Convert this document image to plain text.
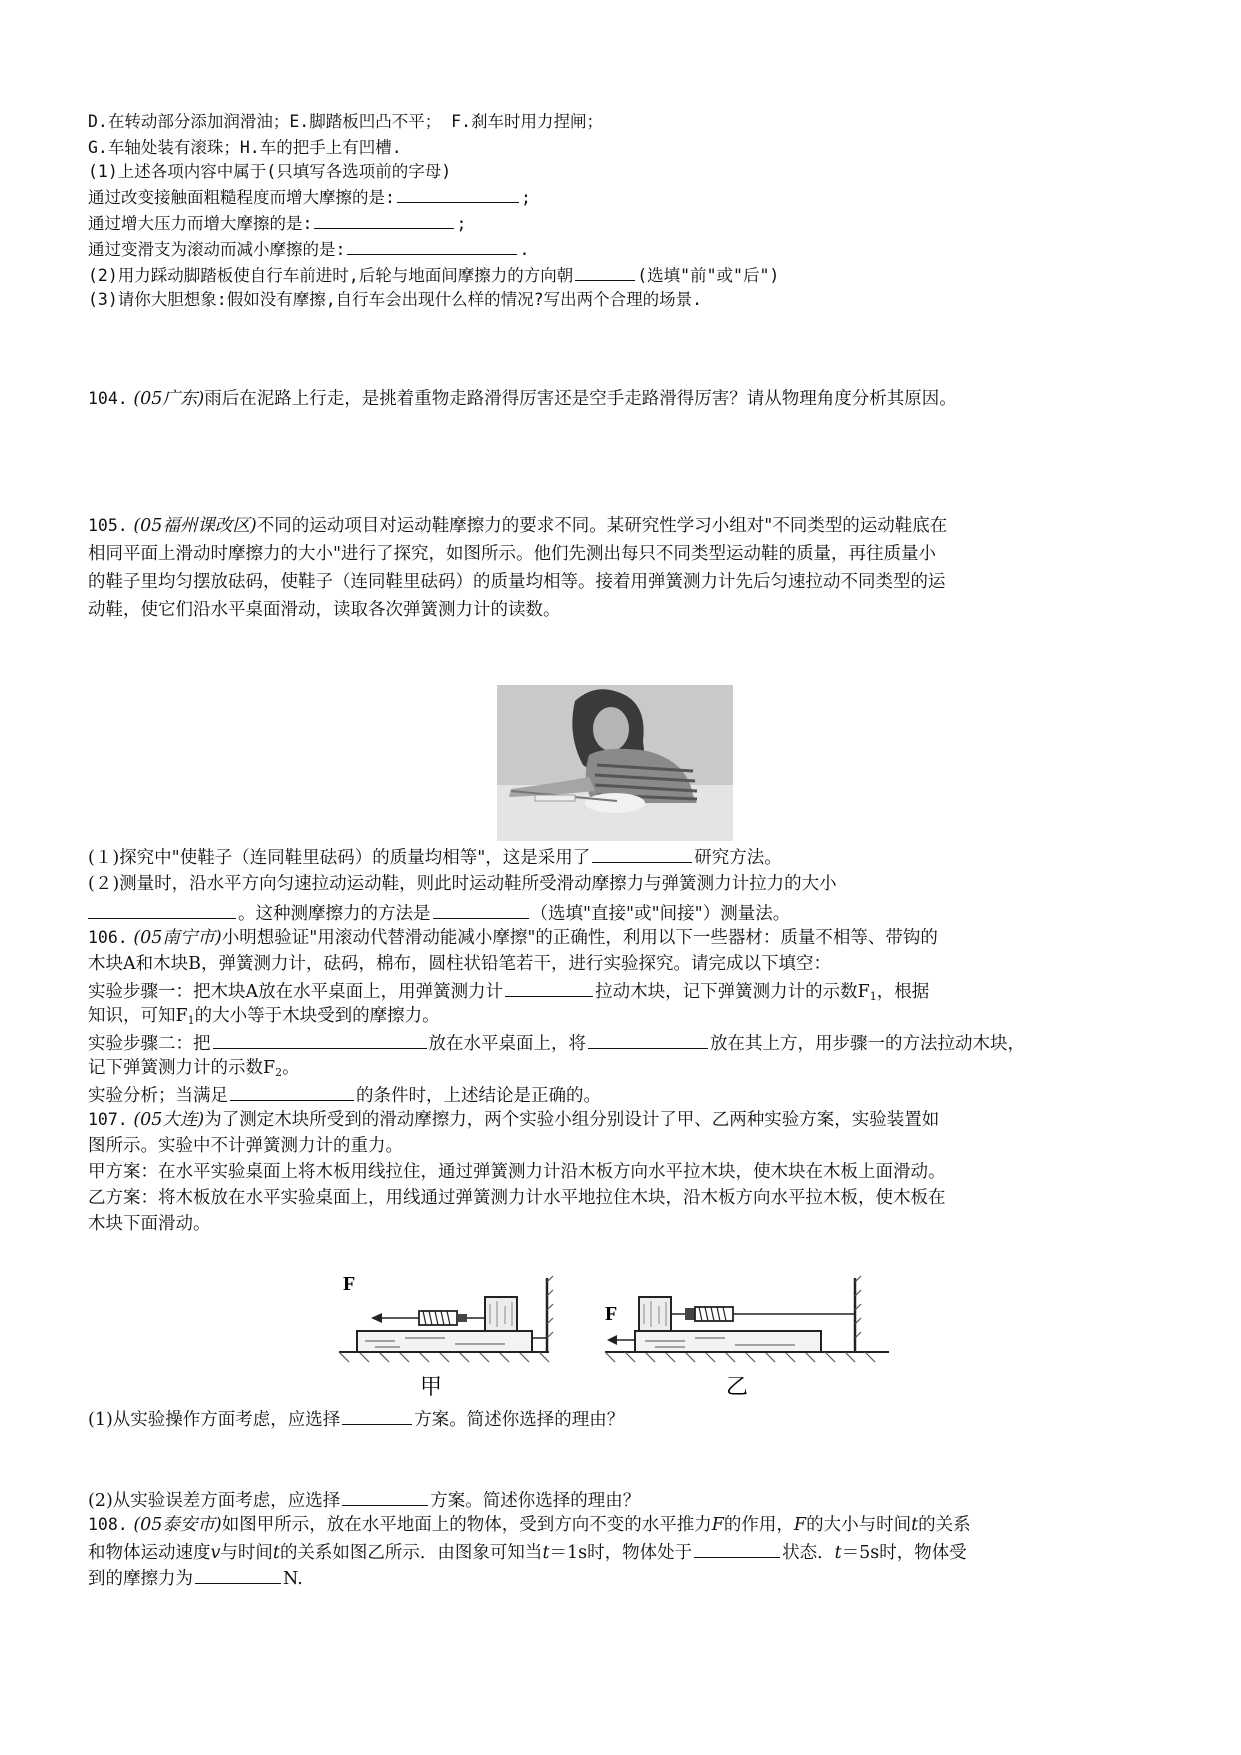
D.在转动部分添加润滑油；E.脚踏板凹凸不平； F.刹车时用力捏闸；
G.车轴处装有滚珠；H.车的把手上有凹槽.
(1)上述各项内容中属于(只填写各选项前的字母)
通过改变接触面粗糙程度而增大摩擦的是:	;
通过增大压力而增大摩擦的是:	;
通过变滑支为滚动而减小摩擦的是:	.
(2)用力踩动脚踏板使自行车前进时,后轮与地面间摩擦力的方向朝	(选填"前"或"后")
(3)请你大胆想象:假如没有摩擦,自行车会出现什么样的情况?写出两个合理的场景.
104. (05广东)雨后在泥路上行走，是挑着重物走路滑得厉害还是空手走路滑得厉害？请从物理角度分析其原因。
105. (05福州课改区)不同的运动项目对运动鞋摩擦力的要求不同。某研究性学习小组对"不同类型的运动鞋底在
相同平面上滑动时摩擦力的大小"进行了探究，如图所示。他们先测出每只不同类型运动鞋的质量，再往质量小
的鞋子里均匀摆放砝码，使鞋子（连同鞋里砝码）的质量均相等。接着用弹簧测力计先后匀速拉动不同类型的运
动鞋，使它们沿水平桌面滑动，读取各次弹簧测力计的读数。
(１)探究中"使鞋子（连同鞋里砝码）的质量均相等"，这是采用了	研究方法。
(２)测量时，沿水平方向匀速拉动运动鞋，则此时运动鞋所受滑动摩擦力与弹簧测力计拉力的大小
。这种测摩擦力的方法是	（选填"直接"或"间接"）测量法。
106. (05南宁市)小明想验证"用滚动代替滑动能减小摩擦"的正确性，利用以下一些器材：质量不相等、带钩的
木块A和木块B，弹簧测力计，砝码，棉布，圆柱状铅笔若干，进行实验探究。请完成以下填空：
实验步骤一：把木块A放在水平桌面上，用弹簧测力计	拉动木块，记下弹簧测力计的示数$F_1$，根据
知识，可知$F_1$的大小等于木块受到的摩擦力。
实验步骤二：把	放在水平桌面上，将	放在其上方，用步骤一的方法拉动木块，
记下弹簧测力计的示数$F_2$。
实验分析；当满足	的条件时，上述结论是正确的。
107. (05大连)为了测定木块所受到的滑动摩擦力，两个实验小组分别设计了甲、乙两种实验方案，实验装置如
图所示。实验中不计弹簧测力计的重力。
甲方案：在水平实验桌面上将木板用线拉住，通过弹簧测力计沿木板方向水平拉木块，使木块在木板上面滑动。
乙方案：将木板放在水平实验桌面上，用线通过弹簧测力计水平地拉住木块，沿木板方向水平拉木板，使木板在
木块下面滑动。
F
甲
F
乙
(1)从实验操作方面考虑，应选择	方案。简述你选择的理由？
(2)从实验误差方面考虑，应选择	方案。简述你选择的理由？
108. (05泰安市)如图甲所示，放在水平地面上的物体，受到方向不变的水平推力F的作用，F的大小与时间t的关系
和物体运动速度v与时间t的关系如图乙所示．由图象可知当t＝1s时，物体处于	状态．t＝5s时，物体受
到的摩擦力为	N.
